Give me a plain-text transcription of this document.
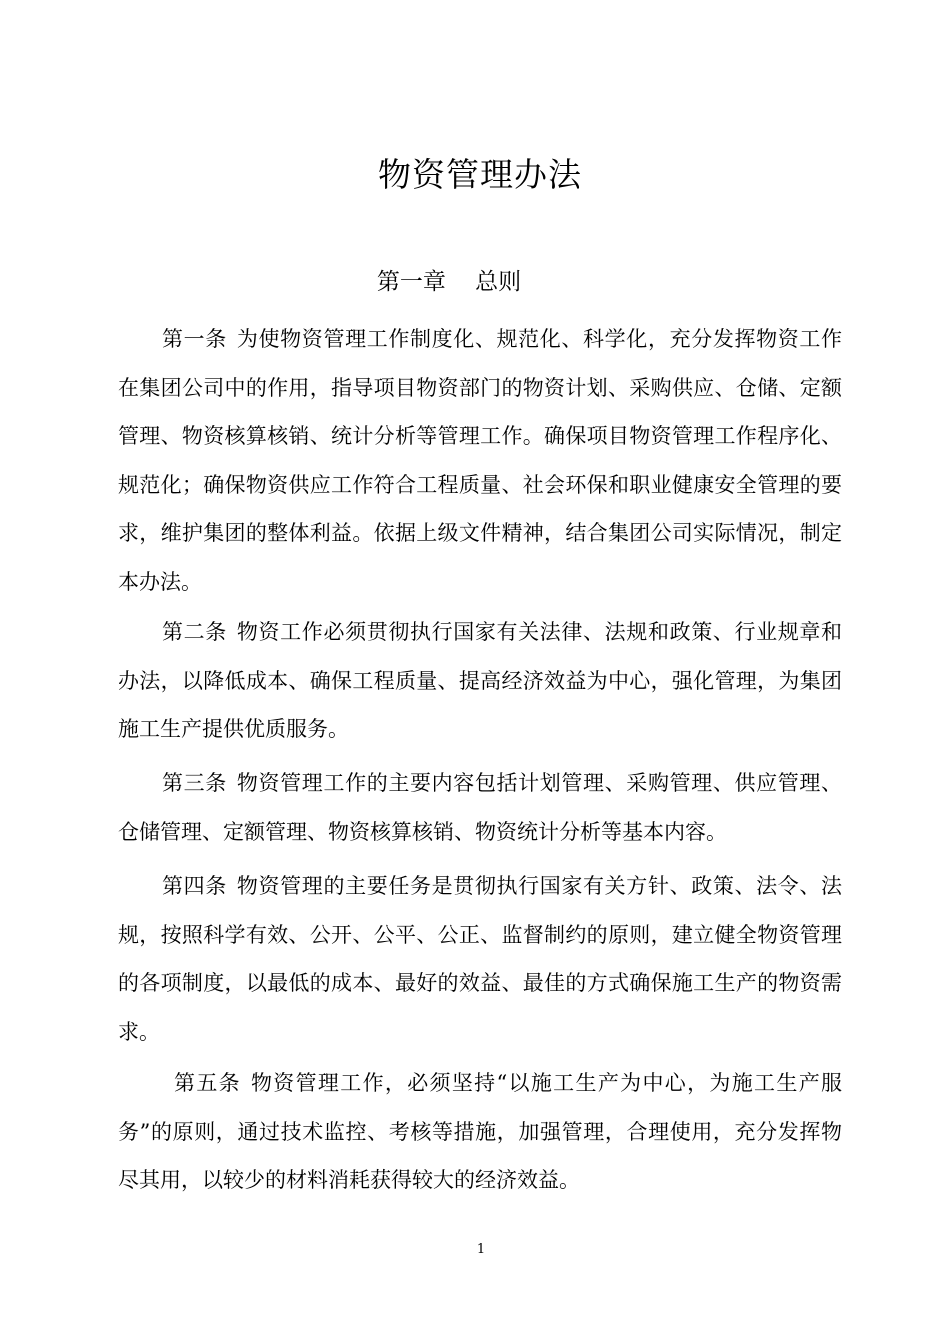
物资管理办法
第一章    总则

第一条 为使物资管理工作制度化、规范化、科学化，充分发挥物资工作在集团公司中的作用，指导项目物资部门的物资计划、采购供应、仓储、定额管理、物资核算核销、统计分析等管理工作。确保项目物资管理工作程序化、规范化；确保物资供应工作符合工程质量、社会环保和职业健康安全管理的要求，维护集团的整体利益。依据上级文件精神，结合集团公司实际情况，制定本办法。

第二条 物资工作必须贯彻执行国家有关法律、法规和政策、行业规章和办法，以降低成本、确保工程质量、提高经济效益为中心，强化管理，为集团施工生产提供优质服务。

第三条 物资管理工作的主要内容包括计划管理、采购管理、供应管理、仓储管理、定额管理、物资核算核销、物资统计分析等基本内容。

第四条 物资管理的主要任务是贯彻执行国家有关方针、政策、法令、法规，按照科学有效、公开、公平、公正、监督制约的原则，建立健全物资管理的各项制度，以最低的成本、最好的效益、最佳的方式确保施工生产的物资需求。

第五条 物资管理工作，必须坚持“以施工生产为中心，为施工生产服务”的原则，通过技术监控、考核等措施，加强管理，合理使用，充分发挥物尽其用，以较少的材料消耗获得较大的经济效益。

1
